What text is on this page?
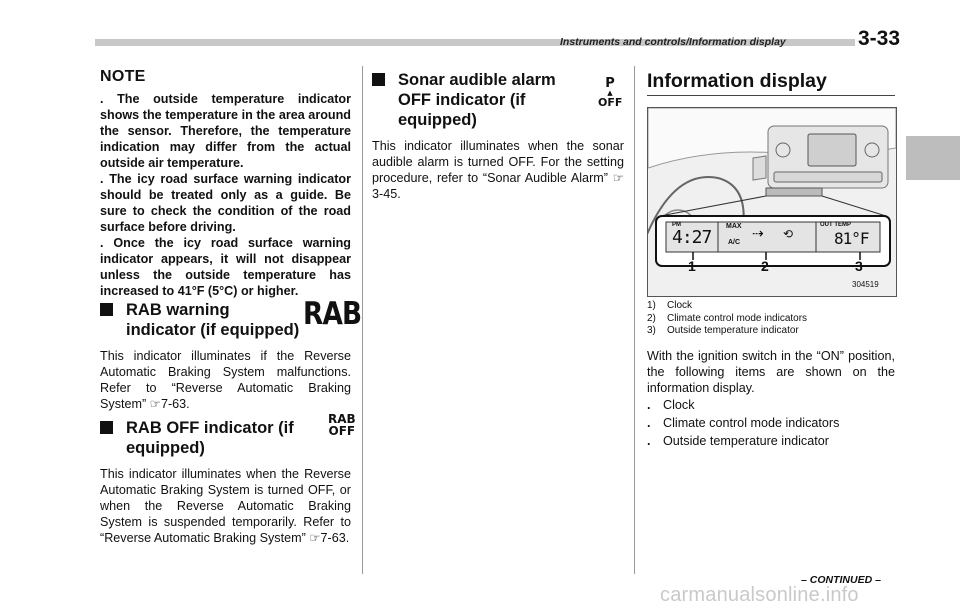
Instruments and controls/Information display	3-33
NOTE

. The outside temperature indicator shows the temperature in the area around the sensor. Therefore, the temperature indication may differ from the actual outside air temperature.

. The icy road surface warning indicator should be treated only as a guide. Be sure to check the condition of the road surface before driving.

. Once the icy road surface warning indicator appears, it will not disappear unless the outside temperature has increased to 41°F (5°C) or higher.

RAB warning
indicator (if equipped) RAB

This indicator illuminates if the Reverse Automatic Braking System malfunctions. Refer to “Reverse Automatic Braking System” ☞7-63.

RAB OFF indicator (if
equipped)
RAB
OFF

This indicator illuminates when the Reverse Automatic Braking System is turned OFF, or when the Reverse Automatic Braking System is suspended temporarily. Refer to “Reverse Automatic Braking System” ☞7-63.

Sonar audible alarm
OFF indicator (if
equipped)
P
▲
OFF

This indicator illuminates when the sonar audible alarm is turned OFF. For the setting procedure, refer to “Sonar Audible Alarm” ☞3-45.

Information display
PM
4:27
MAX
A/C
⇢ ⟲
OUT TEMP
81°F
1	2	3
304519
1) Clock
2) Climate control mode indicators
3) Outside temperature indicator
With the ignition switch in the “ON” position, the following items are shown on the information display.
. Clock
. Climate control mode indicators
. Outside temperature indicator
– CONTINUED –
carmanualsonline.info
